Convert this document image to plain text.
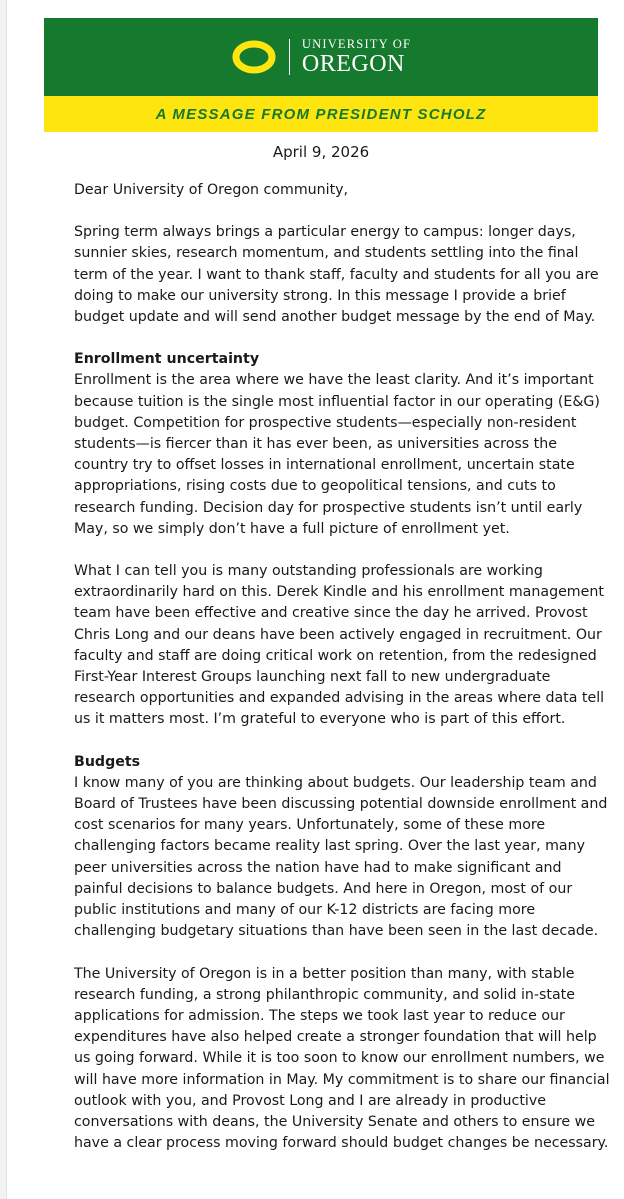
UNIVERSITY OF
OREGON
A MESSAGE FROM PRESIDENT SCHOLZ
April 9, 2026

Dear University of Oregon community,

Spring term always brings a particular energy to campus: longer days, sunnier skies, research momentum, and students settling into the final term of the year. I want to thank staff, faculty and students for all you are doing to make our university strong. In this message I provide a brief budget update and will send another budget message by the end of May.

Enrollment uncertainty

Enrollment is the area where we have the least clarity. And it’s important because tuition is the single most influential factor in our operating (E&G) budget. Competition for prospective students—especially non-resident students—is fiercer than it has ever been, as universities across the country try to offset losses in international enrollment, uncertain state appropriations, rising costs due to geopolitical tensions, and cuts to research funding. Decision day for prospective students isn’t until early May, so we simply don’t have a full picture of enrollment yet.

What I can tell you is many outstanding professionals are working extraordinarily hard on this. Derek Kindle and his enrollment management team have been effective and creative since the day he arrived. Provost Chris Long and our deans have been actively engaged in recruitment. Our faculty and staff are doing critical work on retention, from the redesigned First-Year Interest Groups launching next fall to new undergraduate research opportunities and expanded advising in the areas where data tell us it matters most. I’m grateful to everyone who is part of this effort.

Budgets

I know many of you are thinking about budgets. Our leadership team and Board of Trustees have been discussing potential downside enrollment and cost scenarios for many years. Unfortunately, some of these more challenging factors became reality last spring. Over the last year, many peer universities across the nation have had to make significant and painful decisions to balance budgets. And here in Oregon, most of our public institutions and many of our K-12 districts are facing more challenging budgetary situations than have been seen in the last decade.

The University of Oregon is in a better position than many, with stable research funding, a strong philanthropic community, and solid in-state applications for admission. The steps we took last year to reduce our expenditures have also helped create a stronger foundation that will help us going forward. While it is too soon to know our enrollment numbers, we will have more information in May. My commitment is to share our financial outlook with you, and Provost Long and I are already in productive conversations with deans, the University Senate and others to ensure we have a clear process moving forward should budget changes be necessary.
